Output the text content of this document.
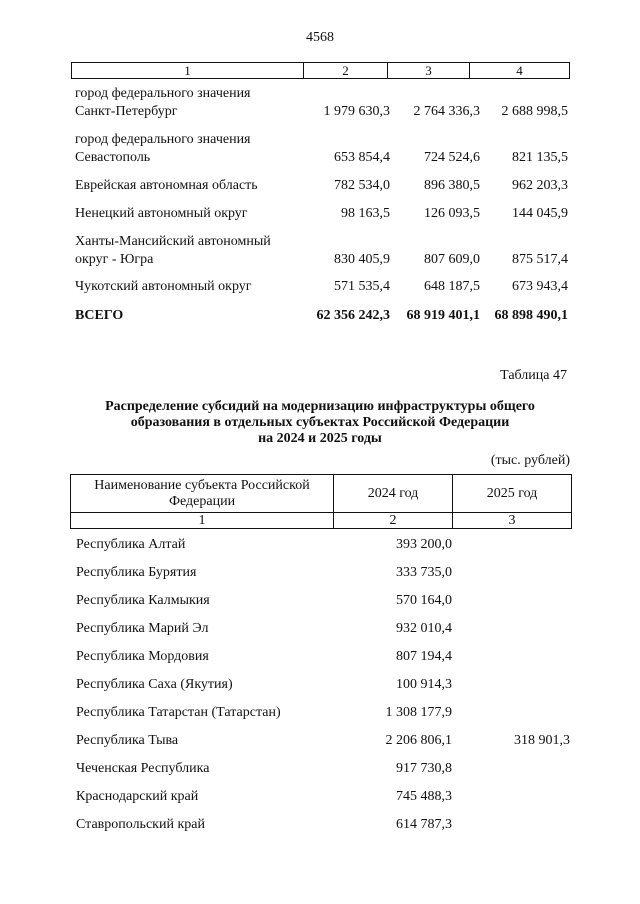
4568
1	2	3	4
город федерального значения
Санкт-Петербург	1 979 630,3	2 764 336,3	2 688 998,5
город федерального значения
Севастополь	653 854,4	724 524,6	821 135,5
Еврейская автономная область	782 534,0	896 380,5	962 203,3
Ненецкий автономный округ	98 163,5	126 093,5	144 045,9
Ханты-Мансийский автономный
округ - Югра	830 405,9	807 609,0	875 517,4
Чукотский автономный округ	571 535,4	648 187,5	673 943,4
ВСЕГО	62 356 242,3	68 919 401,1	68 898 490,1
Таблица 47
Распределение субсидий на модернизацию инфраструктуры общего
образования в отдельных субъектах Российской Федерации
на 2024 и 2025 годы
(тыс. рублей)
Наименование субъекта Российской
Федерации
2024 год	2025 год
1	2	3
Республика Алтай	393 200,0
Республика Бурятия	333 735,0
Республика Калмыкия	570 164,0
Республика Марий Эл	932 010,4
Республика Мордовия	807 194,4
Республика Саха (Якутия)	100 914,3
Республика Татарстан (Татарстан)	1 308 177,9
Республика Тыва	2 206 806,1	318 901,3
Чеченская Республика	917 730,8
Краснодарский край	745 488,3
Ставропольский край	614 787,3
